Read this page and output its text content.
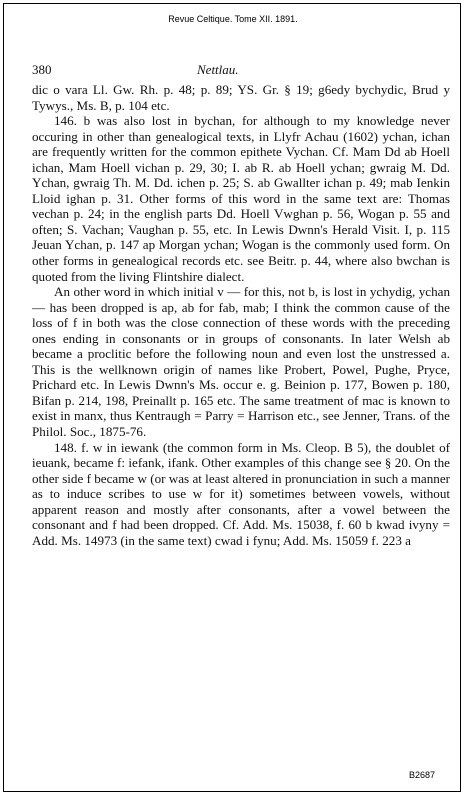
Revue Celtique. Tome XII. 1891.
380	Nettlau.

dic o vara Ll. Gw. Rh. p. 48; p. 89; YS. Gr. § 19; g6edy bychydic, Brud y Tywys., Ms. B, p. 104 etc.

146. b was also lost in bychan, for although to my knowledge never occuring in other than genealogical texts, in Llyfr Achau (1602) ychan, ichan are frequently written for the common epithete Vychan. Cf. Mam Dd ab Hoell ichan, Mam Hoell vichan p. 29, 30; I. ab R. ab Hoell ychan; gwraig M. Dd. Ychan, gwraig Th. M. Dd. ichen p. 25; S. ab Gwallter ichan p. 49; mab Ienkin Lloid ighan p. 31. Other forms of this word in the same text are: Thomas vechan p. 24; in the english parts Dd. Hoell Vwghan p. 56, Wogan p. 55 and often; S. Vachan; Vaughan p. 55, etc. In Lewis Dwnn's Herald Visit. I, p. 115 Jeuan Ychan, p. 147 ap Morgan ychan; Wogan is the commonly used form. On other forms in genealogical records etc. see Beitr. p. 44, where also bwchan is quoted from the living Flintshire dialect.

An other word in which initial v — for this, not b, is lost in ychydig, ychan — has been dropped is ap, ab for fab, mab; I think the common cause of the loss of f in both was the close connection of these words with the preceding ones ending in consonants or in groups of consonants. In later Welsh ab became a proclitic before the following noun and even lost the unstressed a. This is the wellknown origin of names like Probert, Powel, Pughe, Pryce, Prichard etc. In Lewis Dwnn's Ms. occur e. g. Beinion p. 177, Bowen p. 180, Bifan p. 214, 198, Preinallt p. 165 etc. The same treatment of mac is known to exist in manx, thus Kentraugh = Parry = Harrison etc., see Jenner, Trans. of the Philol. Soc., 1875-76.

148. f. w in iewank (the common form in Ms. Cleop. B 5), the doublet of ieuank, became f: iefank, ifank. Other examples of this change see § 20. On the other side f became w (or was at least altered in pronunciation in such a manner as to induce scribes to use w for it) sometimes between vowels, without apparent reason and mostly after consonants, after a vowel between the consonant and f had been dropped. Cf. Add. Ms. 15038, f. 60 b kwad ivyny = Add. Ms. 14973 (in the same text) cwad i fynu; Add. Ms. 15059 f. 223 a

B2687
